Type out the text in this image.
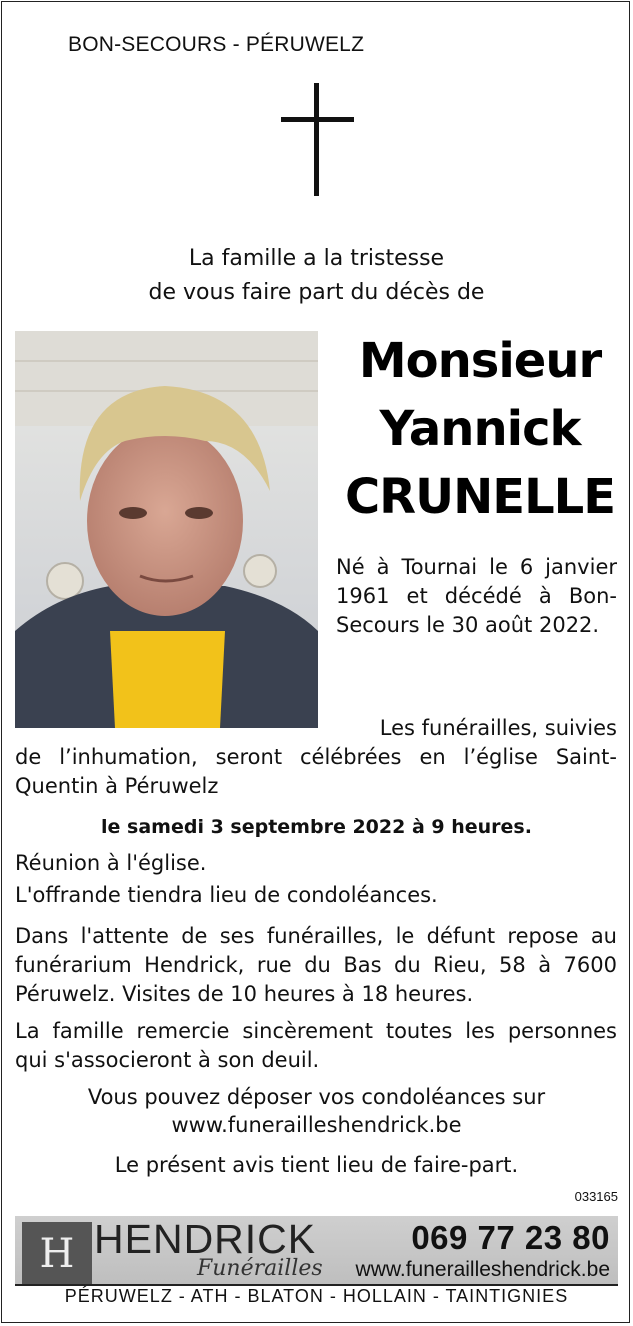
BON-SECOURS - PÉRUWELZ
La famille a la tristesse
de vous faire part du décès de
Monsieur
Yannick
CRUNELLE
Né à Tournai le 6 janvier 1961 et décédé à Bon-Secours le 30 août 2022.
Les funérailles, suivies
de l’inhumation, seront célébrées en l’église Saint-Quentin à Péruwelz
le samedi 3 septembre 2022 à 9 heures.
Réunion à l'église.
L'offrande tiendra lieu de condoléances.
Dans l'attente de ses funérailles, le défunt repose au funérarium Hendrick, rue du Bas du Rieu, 58 à 7600 Péruwelz. Visites de 10 heures à 18 heures.
La famille remercie sincèrement toutes les personnes qui s'associeront à son deuil.
Vous pouvez déposer vos condoléances sur
www.funerailleshendrick.be
Le présent avis tient lieu de faire-part.
033165
H HENDRICK
Funérailles
069 77 23 80
www.funerailleshendrick.be
PÉRUWELZ - ATH - BLATON - HOLLAIN - TAINTIGNIES
